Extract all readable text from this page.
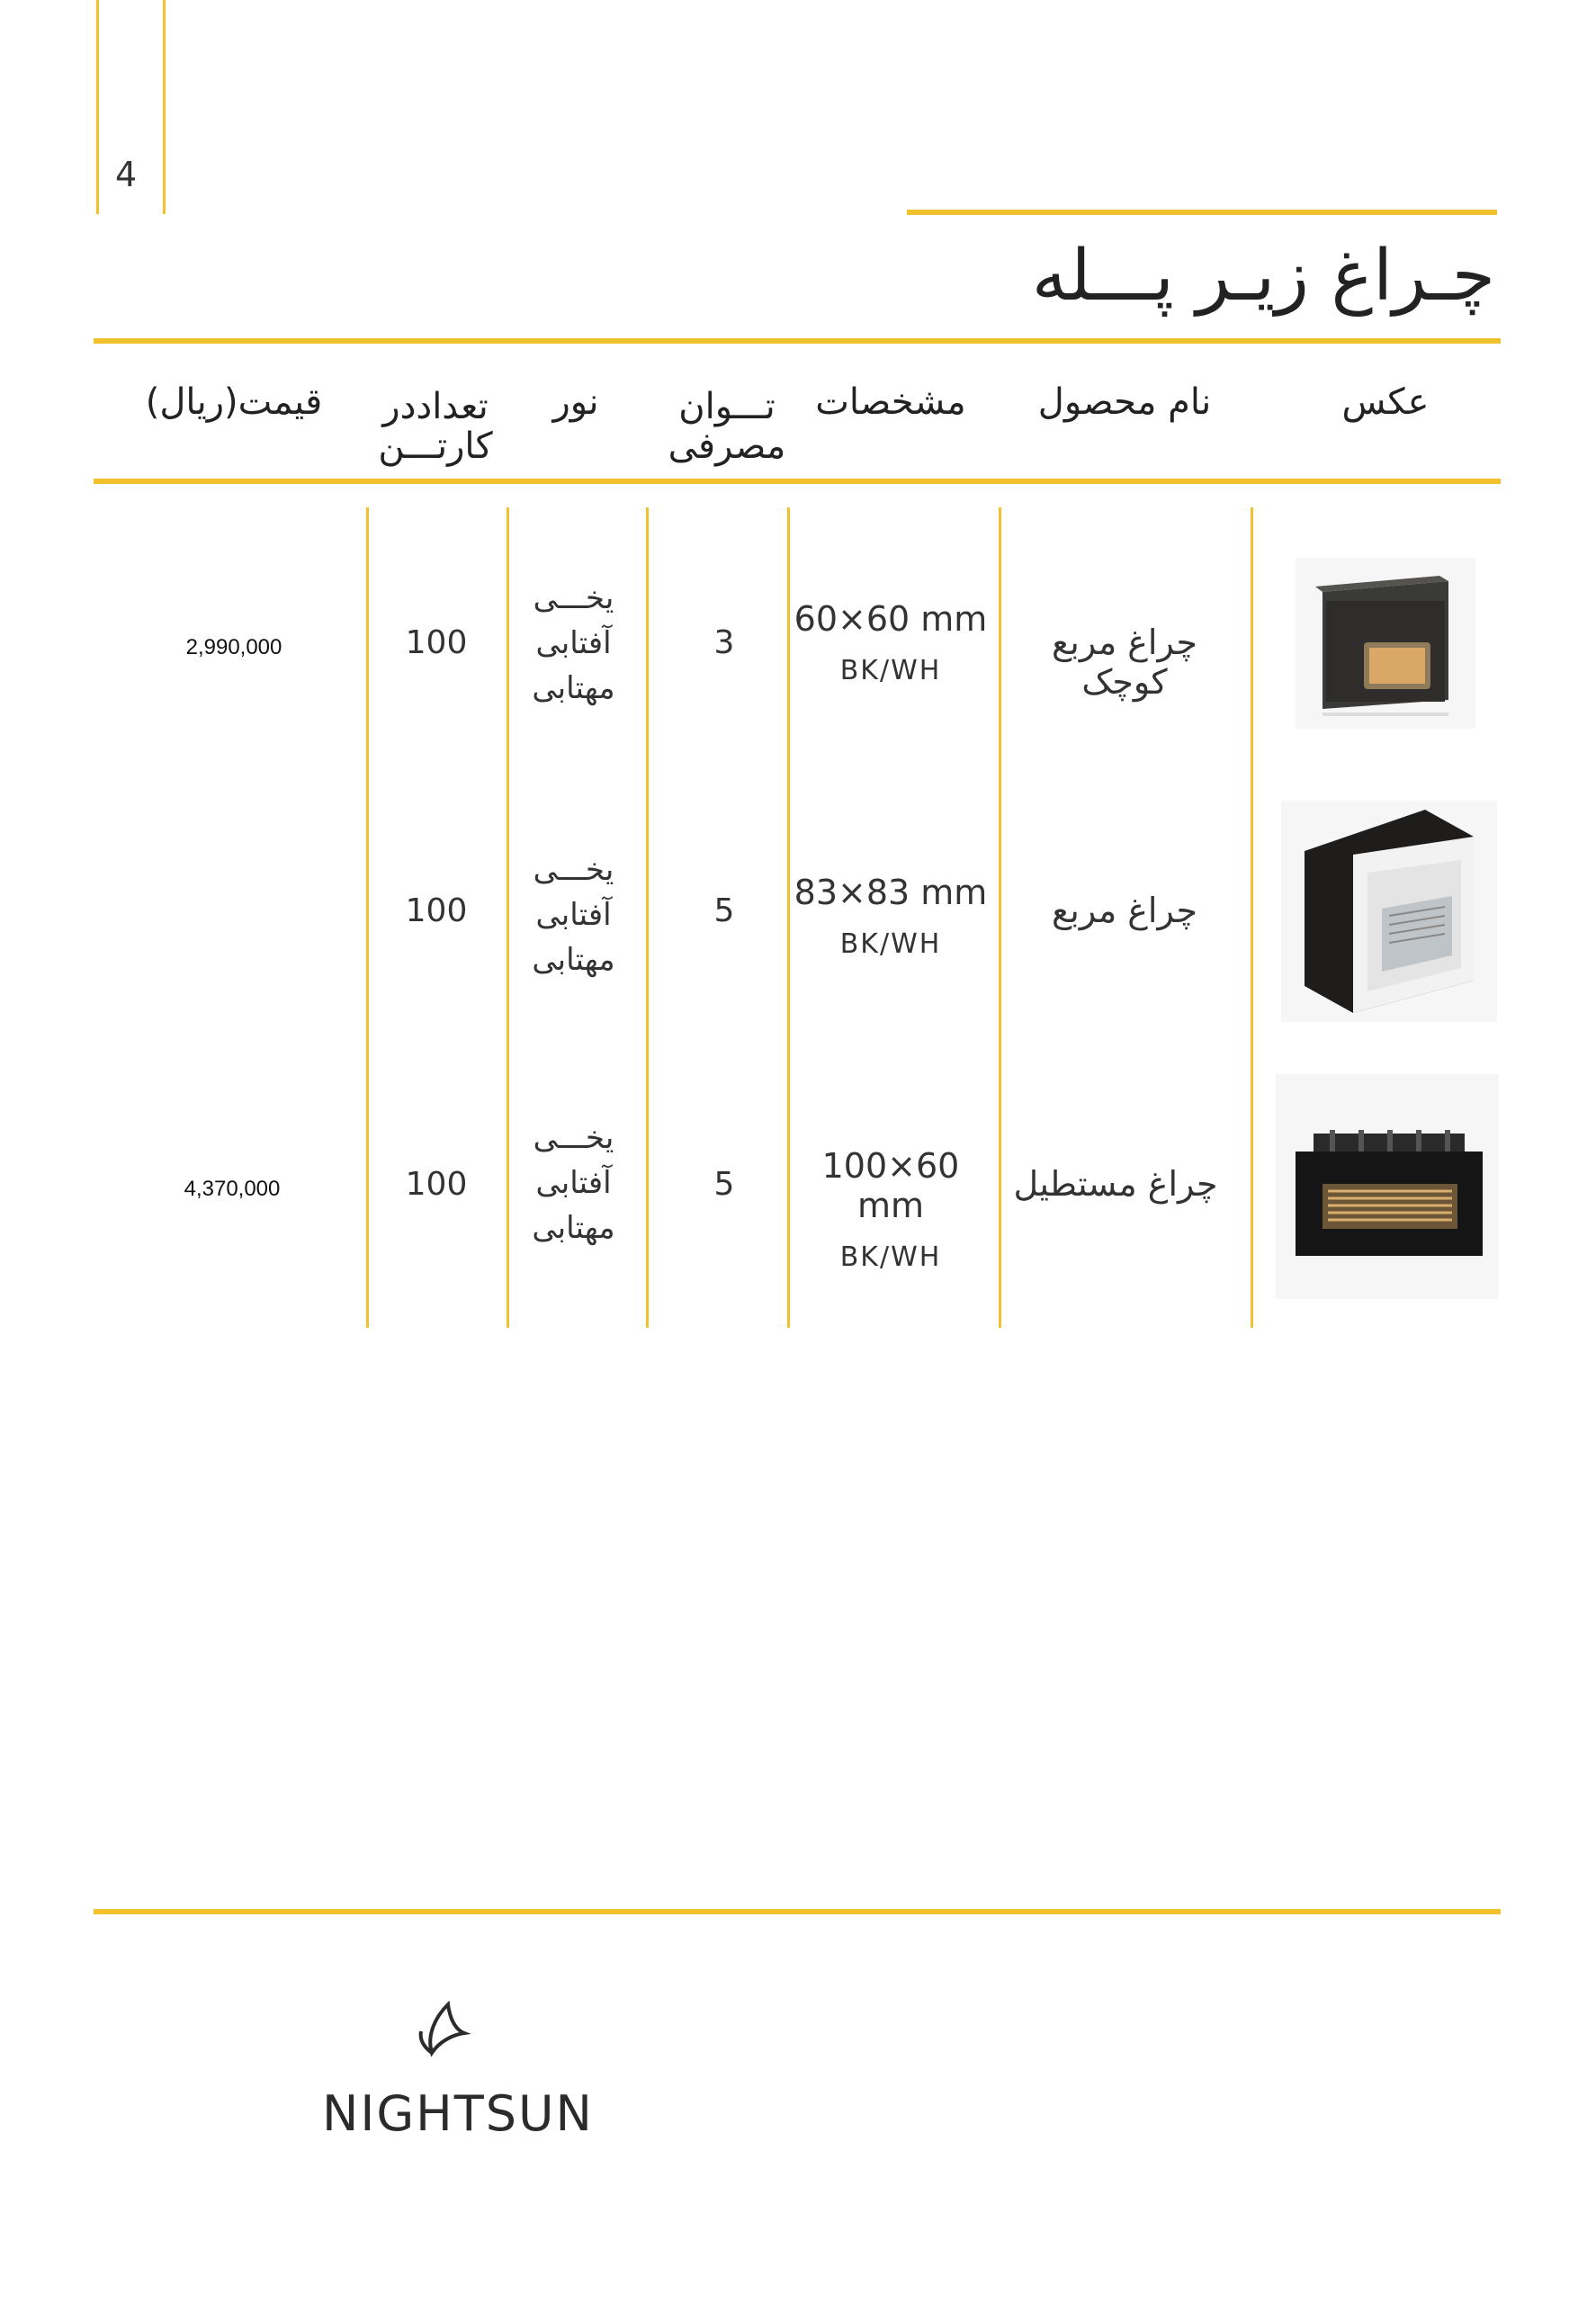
4
چـراغ زیـر پـــله
عکس
نام محصول
مشخصات
تـــوان
مصرفی
نور
تعداددر
کارتـــن
قیمت(ریال)
چراغ مربع کوچک
60×60 mm
BK/WH
3
یخـــی
آفتابی
مهتابی
100
2,990,000
چراغ مربع
83×83 mm
BK/WH
5
یخـــی
آفتابی
مهتابی
100
چراغ مستطیل
100×60 mm
BK/WH
5
یخـــی
آفتابی
مهتابی
100
4,370,000
NIGHTSUN
